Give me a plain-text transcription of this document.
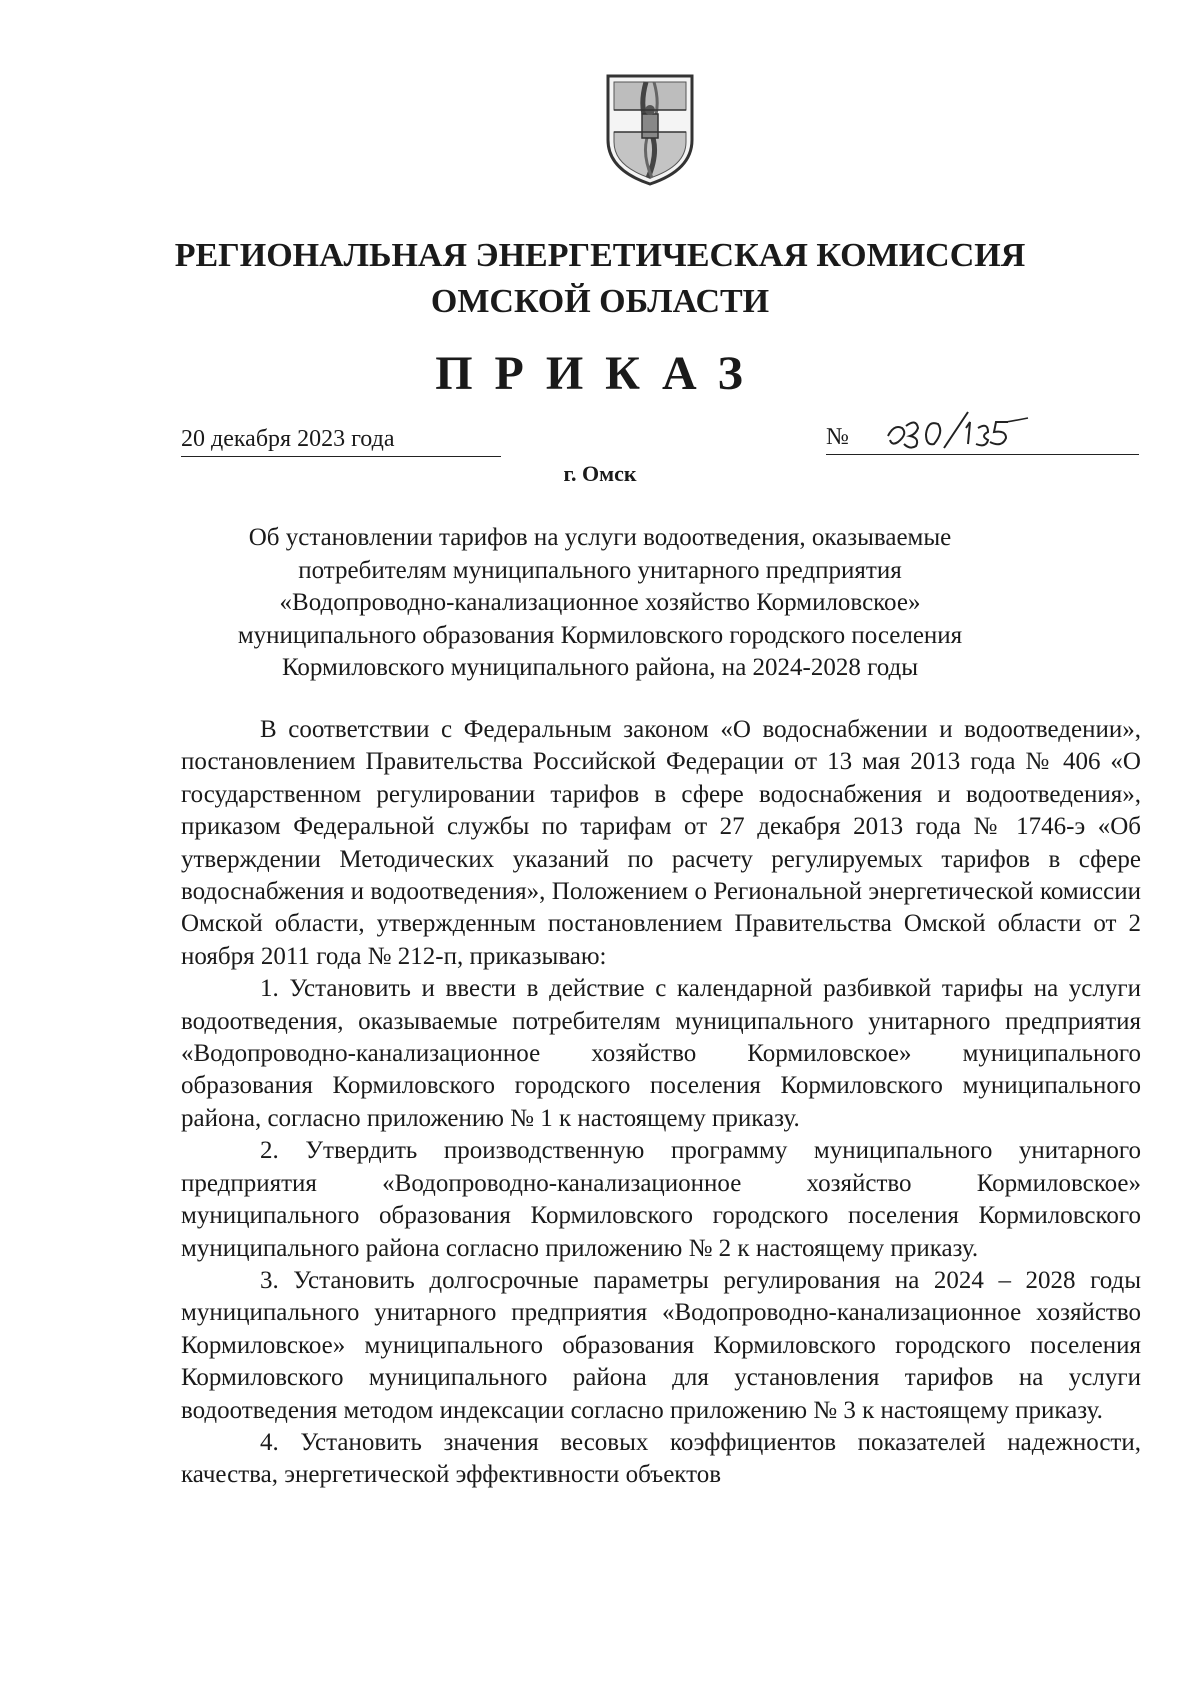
РЕГИОНАЛЬНАЯ ЭНЕРГЕТИЧЕСКАЯ КОМИССИЯ
ОМСКОЙ ОБЛАСТИ
ПРИКАЗ
20 декабря 2023 года	№
г. Омск
Об установлении тарифов на услуги водоотведения, оказываемые
потребителям муниципального унитарного предприятия
«Водопроводно-канализационное хозяйство Кормиловское»
муниципального образования Кормиловского городского поселения
Кормиловского муниципального района, на 2024-2028 годы

В соответствии с Федеральным законом «О водоснабжении и водоотведении», постановлением Правительства Российской Федерации от 13 мая 2013 года № 406 «О государственном регулировании тарифов в сфере водоснабжения и водоотведения», приказом Федеральной службы по тарифам от 27 декабря 2013 года № 1746-э «Об утверждении Методических указаний по расчету регулируемых тарифов в сфере водоснабжения и водоотведения», Положением о Региональной энергетической комиссии Омской области, утвержденным постановлением Правительства Омской области от 2 ноября 2011 года № 212-п, приказываю:

1. Установить и ввести в действие с календарной разбивкой тарифы на услуги водоотведения, оказываемые потребителям муниципального унитарного предприятия «Водопроводно-канализационное хозяйство Кормиловское» муниципального образования Кормиловского городского поселения Кормиловского муниципального района, согласно приложению № 1 к настоящему приказу.

2. Утвердить производственную программу муниципального унитарного предприятия «Водопроводно-канализационное хозяйство Кормиловское» муниципального образования Кормиловского городского поселения Кормиловского муниципального района согласно приложению № 2 к настоящему приказу.

3. Установить долгосрочные параметры регулирования на 2024 – 2028 годы муниципального унитарного предприятия «Водопроводно-канализационное хозяйство Кормиловское» муниципального образования Кормиловского городского поселения Кормиловского муниципального района для установления тарифов на услуги водоотведения методом индексации согласно приложению № 3 к настоящему приказу.

4. Установить значения весовых коэффициентов показателей надежности, качества, энергетической эффективности объектов
